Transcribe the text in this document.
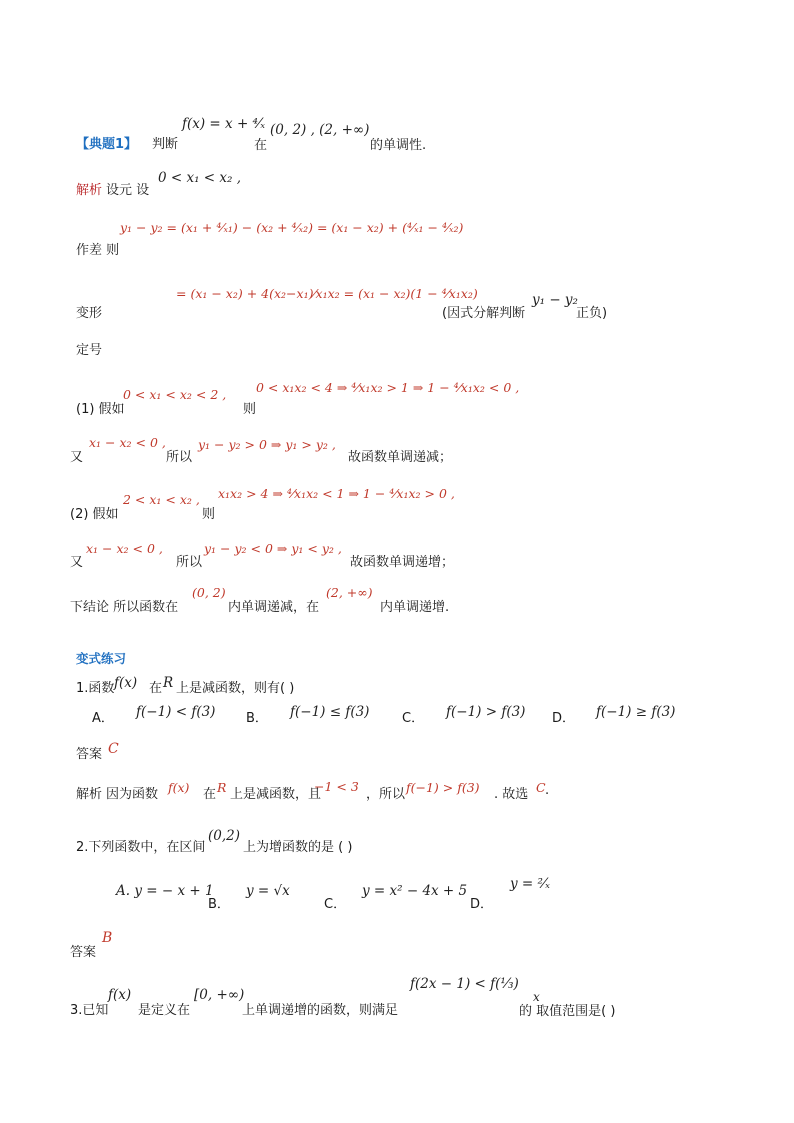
【典题1】 判断
f(x) = x + ⁴⁄ₓ
在
(0, 2) , (2, +∞)
的单调性.
解析 设元 设
0 < x₁ < x₂ ,
作差 则
y₁ − y₂ = (x₁ + ⁴⁄ₓ₁) − (x₂ + ⁴⁄ₓ₂) = (x₁ − x₂) + (⁴⁄ₓ₁ − ⁴⁄ₓ₂)
变形
= (x₁ − x₂) + 4(x₂−x₁)⁄x₁x₂ = (x₁ − x₂)(1 − ⁴⁄x₁x₂)
(因式分解判断
y₁ − y₂
正负)
定号
(1) 假如
0 < x₁ < x₂ < 2 ,
则
0 < x₁x₂ < 4 ⇒ ⁴⁄x₁x₂ > 1 ⇒ 1 − ⁴⁄x₁x₂ < 0 ,
又
x₁ − x₂ < 0 ,
所以
y₁ − y₂ > 0 ⇒ y₁ > y₂ ,
故函数单调递减；
(2) 假如
2 < x₁ < x₂ ,
则
x₁x₂ > 4 ⇒ ⁴⁄x₁x₂ < 1 ⇒ 1 − ⁴⁄x₁x₂ > 0 ,
又
x₁ − x₂ < 0 ,
所以
y₁ − y₂ < 0 ⇒ y₁ < y₂ ,
故函数单调递增；
下结论 所以函数在
(0, 2)
内单调递减，在
(2, +∞)
内单调递增.
变式练习
1.函数 f(x) 在 R 上是减函数，则有( )
A． f(−1) < f(3) B． f(−1) ≤ f(3)	C． f(−1) > f(3) D． f(−1) ≥ f(3)
答案 C
解析 因为函数 f(x) 在 R 上是减函数，且
−1 < 3
，所以 f(−1) > f(3) . 故选 C .
2.下列函数中，在区间
(0,2)
上为增函数的是 ( )
A. y = − x + 1
B．
y = √x
C．
y = x² − 4x + 5
D．
y = ²⁄ₓ
答案
B
3.已知
f(x)
是定义在
[0, +∞)
上单调递增的函数，则满足
f(2x − 1) < f(⅓)
x
的 取值范围是( )
